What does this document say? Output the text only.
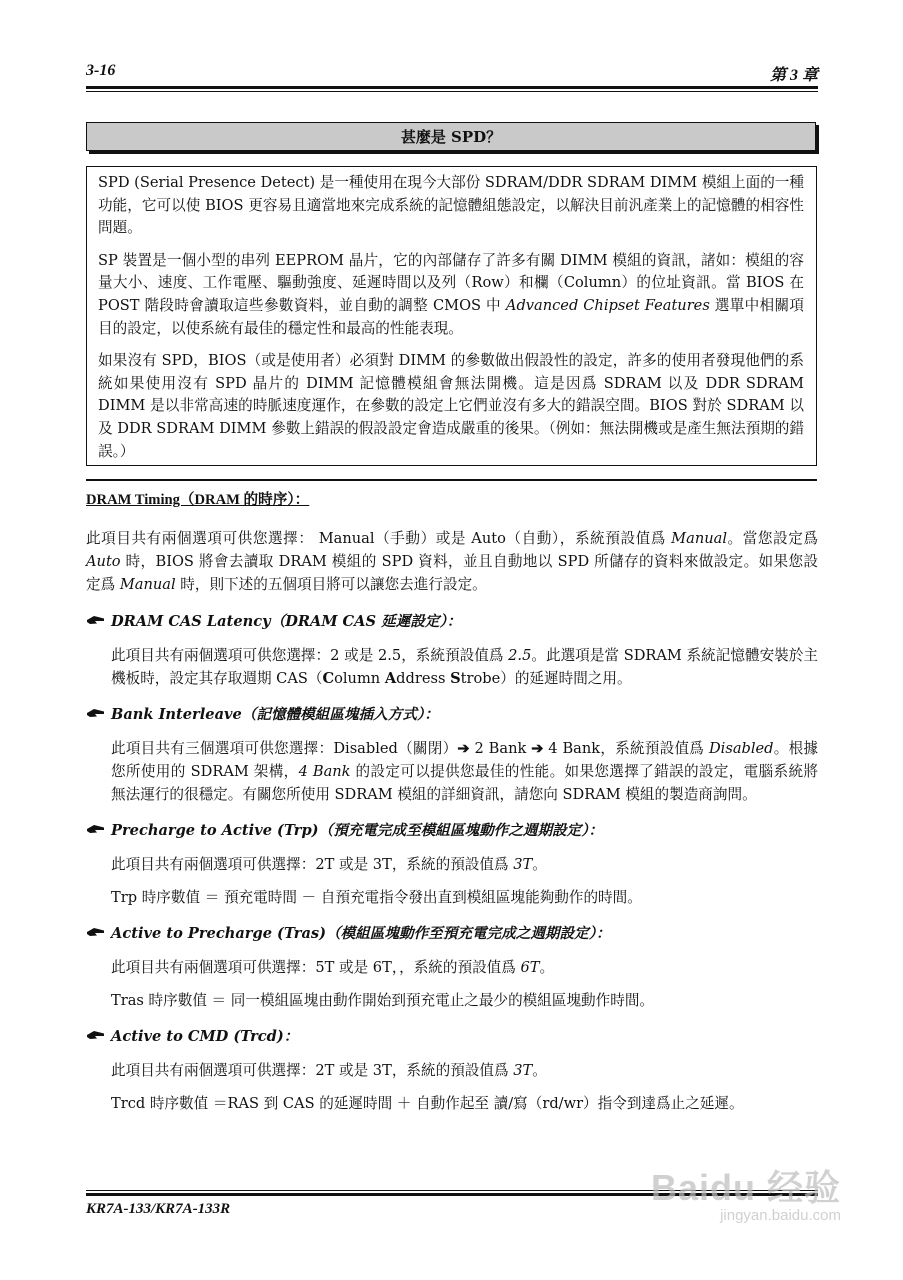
3-16	第 3 章
甚麼是 SPD？

SPD (Serial Presence Detect) 是一種使用在現今大部份 SDRAM/DDR SDRAM DIMM 模組上面的一種功能，它可以使 BIOS 更容易且適當地來完成系統的記憶體組態設定，以解決目前汎產業上的記憶體的相容性問題。

SP 裝置是一個小型的串列 EEPROM 晶片，它的內部儲存了許多有關 DIMM 模組的資訊，諸如：模組的容量大小、速度、工作電壓、驅動強度、延遲時間以及列（Row）和欄（Column）的位址資訊。當 BIOS 在 POST 階段時會讀取這些參數資料，並自動的調整 CMOS 中 Advanced Chipset Features 選單中相關項目的設定，以使系統有最佳的穩定性和最高的性能表現。

如果沒有 SPD，BIOS（或是使用者）必須對 DIMM 的參數做出假設性的設定，許多的使用者發現他們的系統如果使用沒有 SPD 晶片的 DIMM 記憶體模組會無法開機。這是因爲 SDRAM 以及 DDR SDRAM DIMM 是以非常高速的時脈速度運作，在參數的設定上它們並沒有多大的錯誤空間。BIOS 對於 SDRAM 以及 DDR SDRAM DIMM 參數上錯誤的假設設定會造成嚴重的後果。（例如：無法開機或是產生無法預期的錯誤。）

DRAM Timing（DRAM 的時序）：

此項目共有兩個選項可供您選擇： Manual（手動）或是 Auto（自動），系統預設值爲 Manual。當您設定爲 Auto 時，BIOS 將會去讀取 DRAM 模組的 SPD 資料，並且自動地以 SPD 所儲存的資料來做設定。如果您設定爲 Manual 時，則下述的五個項目將可以讓您去進行設定。

DRAM CAS Latency（DRAM CAS 延遲設定）：

此項目共有兩個選項可供您選擇：2 或是 2.5，系統預設值爲 2.5。此選項是當 SDRAM 系統記憶體安裝於主機板時，設定其存取週期 CAS（Column Address Strobe）的延遲時間之用。

Bank Interleave（記憶體模組區塊插入方式）：

此項目共有三個選項可供您選擇：Disabled（關閉）➔ 2 Bank ➔ 4 Bank，系統預設值爲 Disabled。根據您所使用的 SDRAM 架構，4 Bank 的設定可以提供您最佳的性能。如果您選擇了錯誤的設定，電腦系統將無法運行的很穩定。有關您所使用 SDRAM 模組的詳細資訊，請您向 SDRAM 模組的製造商詢問。

Precharge to Active (Trp)（預充電完成至模組區塊動作之週期設定）：

此項目共有兩個選項可供選擇：2T 或是 3T，系統的預設值爲 3T。

Trp 時序數值 ＝ 預充電時間 － 自預充電指令發出直到模組區塊能夠動作的時間。

Active to Precharge (Tras)（模組區塊動作至預充電完成之週期設定）：

此項目共有兩個選項可供選擇：5T 或是 6T，，系統的預設值爲 6T。

Tras 時序數值 ＝ 同一模組區塊由動作開始到預充電止之最少的模組區塊動作時間。

Active to CMD (Trcd)：

此項目共有兩個選項可供選擇：2T 或是 3T，系統的預設值爲 3T。

Trcd 時序數值 ＝RAS 到 CAS 的延遲時間 ＋ 自動作起至 讀/寫（rd/wr）指令到達爲止之延遲。

KR7A-133/KR7A-133R
Baidu 经验
jingyan.baidu.com
